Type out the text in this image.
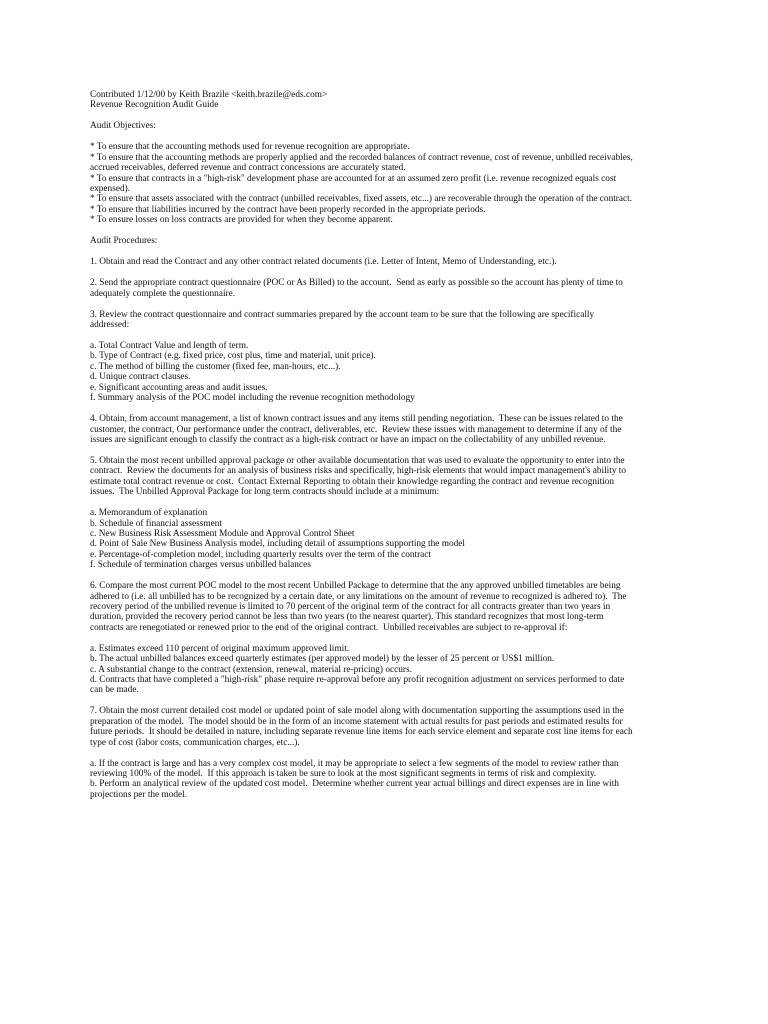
Contributed 1/12/00 by Keith Brazile <keith.brazile@eds.com>
Revenue Recognition Audit Guide
Audit Objectives:
* To ensure that the accounting methods used for revenue recognition are appropriate.
* To ensure that the accounting methods are properly applied and the recorded balances of contract revenue, cost of revenue, unbilled receivables,
accrued receivables, deferred revenue and contract concessions are accurately stated.
* To ensure that contracts in a "high-risk" development phase are accounted for at an assumed zero profit (i.e. revenue recognized equals cost
expensed).
* To ensure that assets associated with the contract (unbilled receivables, fixed assets, etc...) are recoverable through the operation of the contract.
* To ensure that liabilities incurred by the contract have been properly recorded in the appropriate periods.
* To ensure losses on loss contracts are provided for when they become apparent.
Audit Procedures:
1. Obtain and read the Contract and any other contract related documents (i.e. Letter of Intent, Memo of Understanding, etc.).
2. Send the appropriate contract questionnaire (POC or As Billed) to the account.  Send as early as possible so the account has plenty of time to
adequately complete the questionnaire.
3. Review the contract questionnaire and contract summaries prepared by the account team to be sure that the following are specifically
addressed:
a. Total Contract Value and length of term.
b. Type of Contract (e.g. fixed price, cost plus, time and material, unit price).
c. The method of billing the customer (fixed fee, man-hours, etc...).
d. Unique contract clauses.
e. Significant accounting areas and audit issues.
f. Summary analysis of the POC model including the revenue recognition methodology
4. Obtain, from account management, a list of known contract issues and any items still pending negotiation.  These can be issues related to the
customer, the contract, Our performance under the contract, deliverables, etc.  Review these issues with management to determine if any of the
issues are significant enough to classify the contract as a high-risk contract or have an impact on the collectability of any unbilled revenue.
5. Obtain the most recent unbilled approval package or other available documentation that was used to evaluate the opportunity to enter into the
contract.  Review the documents for an analysis of business risks and specifically, high-risk elements that would impact management's ability to
estimate total contract revenue or cost.  Contact External Reporting to obtain their knowledge regarding the contract and revenue recognition
issues.  The Unbilled Approval Package for long term contracts should include at a minimum:
a. Memorandum of explanation
b. Schedule of financial assessment
c. New Business Risk Assessment Module and Approval Control Sheet
d. Point of Sale New Business Analysis model, including detail of assumptions supporting the model
e. Percentage-of-completion model, including quarterly results over the term of the contract
f. Schedule of termination charges versus unbilled balances
6. Compare the most current POC model to the most recent Unbilled Package to determine that the any approved unbilled timetables are being
adhered to (i.e. all unbilled has to be recognized by a certain date, or any limitations on the amount of revenue to recognized is adhered to).  The
recovery period of the unbilled revenue is limited to 70 percent of the original term of the contract for all contracts greater than two years in
duration, provided the recovery period cannot be less than two years (to the nearest quarter). This standard recognizes that most long-term
contracts are renegotiated or renewed prior to the end of the original contract.  Unbilled receivables are subject to re-approval if:
a. Estimates exceed 110 percent of original maximum approved limit.
b. The actual unbilled balances exceed quarterly estimates (per approved model) by the lesser of 25 percent or US$1 million.
c. A substantial change to the contract (extension, renewal, material re-pricing) occurs.
d. Contracts that have completed a "high-risk" phase require re-approval before any profit recognition adjustment on services performed to date
can be made.
7. Obtain the most current detailed cost model or updated point of sale model along with documentation supporting the assumptions used in the
preparation of the model.  The model should be in the form of an income statement with actual results for past periods and estimated results for
future periods.  It should be detailed in nature, including separate revenue line items for each service element and separate cost line items for each
type of cost (labor costs, communication charges, etc...).
a. If the contract is large and has a very complex cost model, it may be appropriate to select a few segments of the model to review rather than
reviewing 100% of the model.  If this approach is taken be sure to look at the most significant segments in terms of risk and complexity.
b. Perform an analytical review of the updated cost model.  Determine whether current year actual billings and direct expenses are in line with
projections per the model.
